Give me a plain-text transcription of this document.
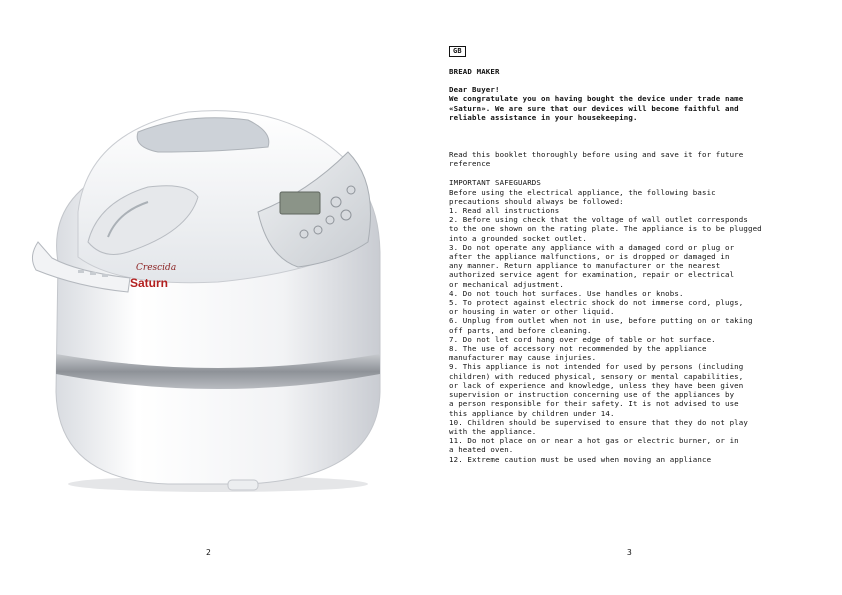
Cresсida
Saturn
2
GB
BREAD MAKER
Dear Buyer!
We congratulate you on having bought the device under trade name
«Saturn». We are sure that our devices will become faithful and
reliable assistance in your housekeeping.
Read this booklet thoroughly before using and save it for future
reference
IMPORTANT SAFEGUARDS
Before using the electrical appliance, the following basic
precautions should always be followed:
1. Read all instructions
2. Before using check that the voltage of wall outlet corresponds
to the one shown on the rating plate. The appliance is to be plugged
into a grounded socket outlet.
3. Do not operate any appliance with a damaged cord or plug or
after the appliance malfunctions, or is dropped or damaged in
any manner. Return appliance to manufacturer or the nearest
authorized service agent for examination, repair or electrical
or mechanical adjustment.
4. Do not touch hot surfaces. Use handles or knobs.
5. To protect against electric shock do not immerse cord, plugs,
or housing in water or other liquid.
6. Unplug from outlet when not in use, before putting on or taking
off parts, and before cleaning.
7. Do not let cord hang over edge of table or hot surface.
8. The use of accessory not recommended by the appliance
manufacturer may cause injuries.
9. This appliance is not intended for used by persons (including
children) with reduced physical, sensory or mental capabilities,
or lack of experience and knowledge, unless they have been given
supervision or instruction concerning use of the appliances by
a person responsible for their safety. It is not advised to use
this appliance by children under 14.
10. Children should be supervised to ensure that they do not play
with the appliance.
11. Do not place on or near a hot gas or electric burner, or in
a heated oven.
12. Extreme caution must be used when moving an appliance
3
